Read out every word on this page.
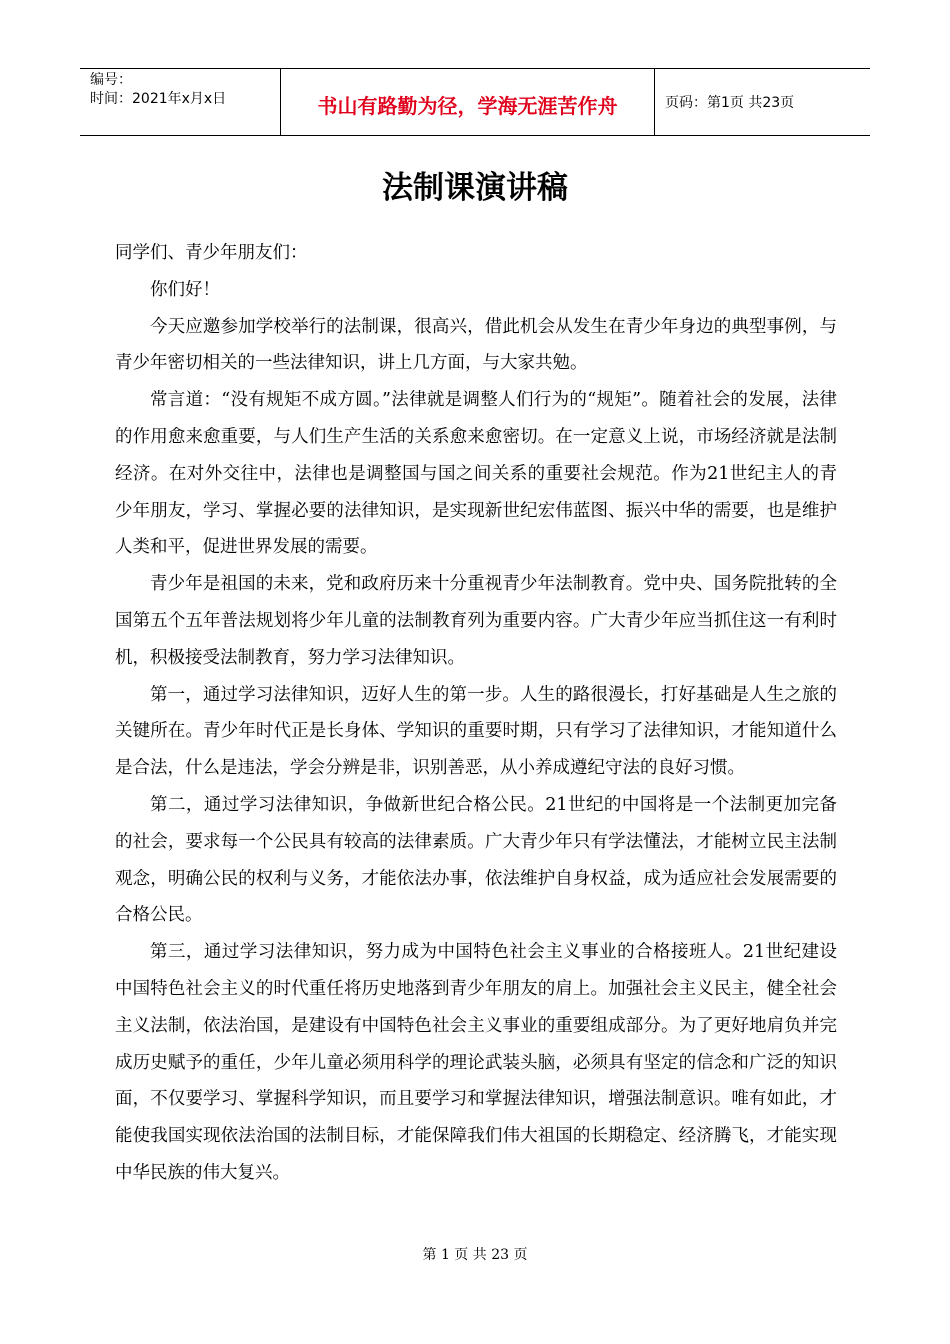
编号：
时间：2021年x月x日	书山有路勤为径，学海无涯苦作舟	页码：第1页 共23页
法制课演讲稿

同学们、青少年朋友们：

你们好！

今天应邀参加学校举行的法制课，很高兴，借此机会从发生在青少年身边的典型事例，与青少年密切相关的一些法律知识，讲上几方面，与大家共勉。

常言道：“没有规矩不成方圆。”法律就是调整人们行为的“规矩”。随着社会的发展，法律的作用愈来愈重要，与人们生产生活的关系愈来愈密切。在一定意义上说，市场经济就是法制经济。在对外交往中，法律也是调整国与国之间关系的重要社会规范。作为21世纪主人的青少年朋友，学习、掌握必要的法律知识，是实现新世纪宏伟蓝图、振兴中华的需要，也是维护人类和平，促进世界发展的需要。

青少年是祖国的未来，党和政府历来十分重视青少年法制教育。党中央、国务院批转的全国第五个五年普法规划将少年儿童的法制教育列为重要内容。广大青少年应当抓住这一有利时机，积极接受法制教育，努力学习法律知识。

第一，通过学习法律知识，迈好人生的第一步。人生的路很漫长，打好基础是人生之旅的关键所在。青少年时代正是长身体、学知识的重要时期，只有学习了法律知识，才能知道什么是合法，什么是违法，学会分辨是非，识别善恶，从小养成遵纪守法的良好习惯。

第二，通过学习法律知识，争做新世纪合格公民。21世纪的中国将是一个法制更加完备的社会，要求每一个公民具有较高的法律素质。广大青少年只有学法懂法，才能树立民主法制观念，明确公民的权利与义务，才能依法办事，依法维护自身权益，成为适应社会发展需要的合格公民。

第三，通过学习法律知识，努力成为中国特色社会主义事业的合格接班人。21世纪建设中国特色社会主义的时代重任将历史地落到青少年朋友的肩上。加强社会主义民主，健全社会主义法制，依法治国，是建设有中国特色社会主义事业的重要组成部分。为了更好地肩负并完成历史赋予的重任，少年儿童必须用科学的理论武装头脑，必须具有坚定的信念和广泛的知识面，不仅要学习、掌握科学知识，而且要学习和掌握法律知识，增强法制意识。唯有如此，才能使我国实现依法治国的法制目标，才能保障我们伟大祖国的长期稳定、经济腾飞，才能实现中华民族的伟大复兴。

第 1 页 共 23 页
